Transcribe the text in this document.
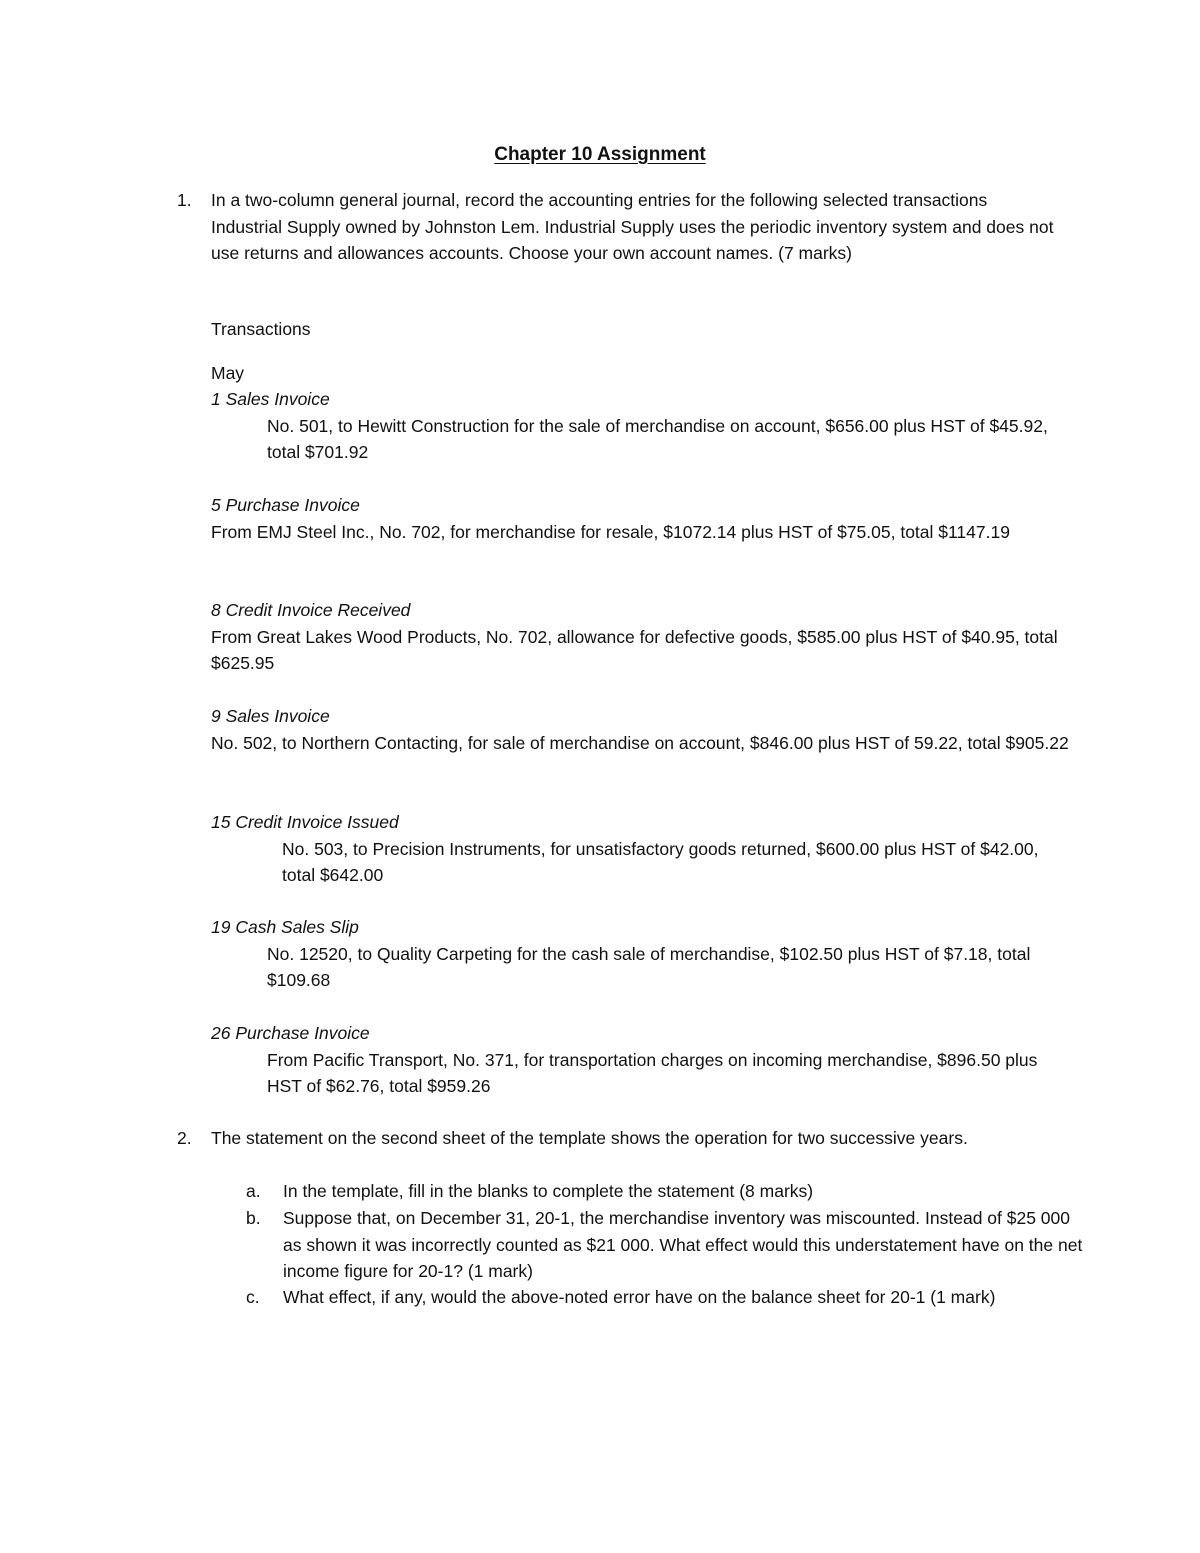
Chapter 10 Assignment
1. In a two-column general journal, record the accounting entries for the following selected transactions Industrial Supply owned by Johnston Lem. Industrial Supply uses the periodic inventory system and does not use returns and allowances accounts. Choose your own account names. (7 marks)
Transactions
May
1 Sales Invoice
No. 501, to Hewitt Construction for the sale of merchandise on account, $656.00 plus HST of $45.92, total $701.92
5 Purchase Invoice
From EMJ Steel Inc., No. 702, for merchandise for resale, $1072.14 plus HST of $75.05, total $1147.19
8 Credit Invoice Received
From Great Lakes Wood Products, No. 702, allowance for defective goods, $585.00 plus HST of $40.95, total $625.95
9 Sales Invoice
No. 502, to Northern Contacting, for sale of merchandise on account, $846.00 plus HST of 59.22, total $905.22
15 Credit Invoice Issued
No. 503, to Precision Instruments, for unsatisfactory goods returned, $600.00 plus HST of $42.00, total $642.00
19 Cash Sales Slip
No. 12520, to Quality Carpeting for the cash sale of merchandise, $102.50 plus HST of $7.18, total $109.68
26 Purchase Invoice
From Pacific Transport, No. 371, for transportation charges on incoming merchandise, $896.50 plus HST of $62.76, total $959.26
2. The statement on the second sheet of the template shows the operation for two successive years.
a. In the template, fill in the blanks to complete the statement (8 marks)
b. Suppose that, on December 31, 20-1, the merchandise inventory was miscounted. Instead of $25 000 as shown it was incorrectly counted as $21 000. What effect would this understatement have on the net income figure for 20-1? (1 mark)
c. What effect, if any, would the above-noted error have on the balance sheet for 20-1 (1 mark)
